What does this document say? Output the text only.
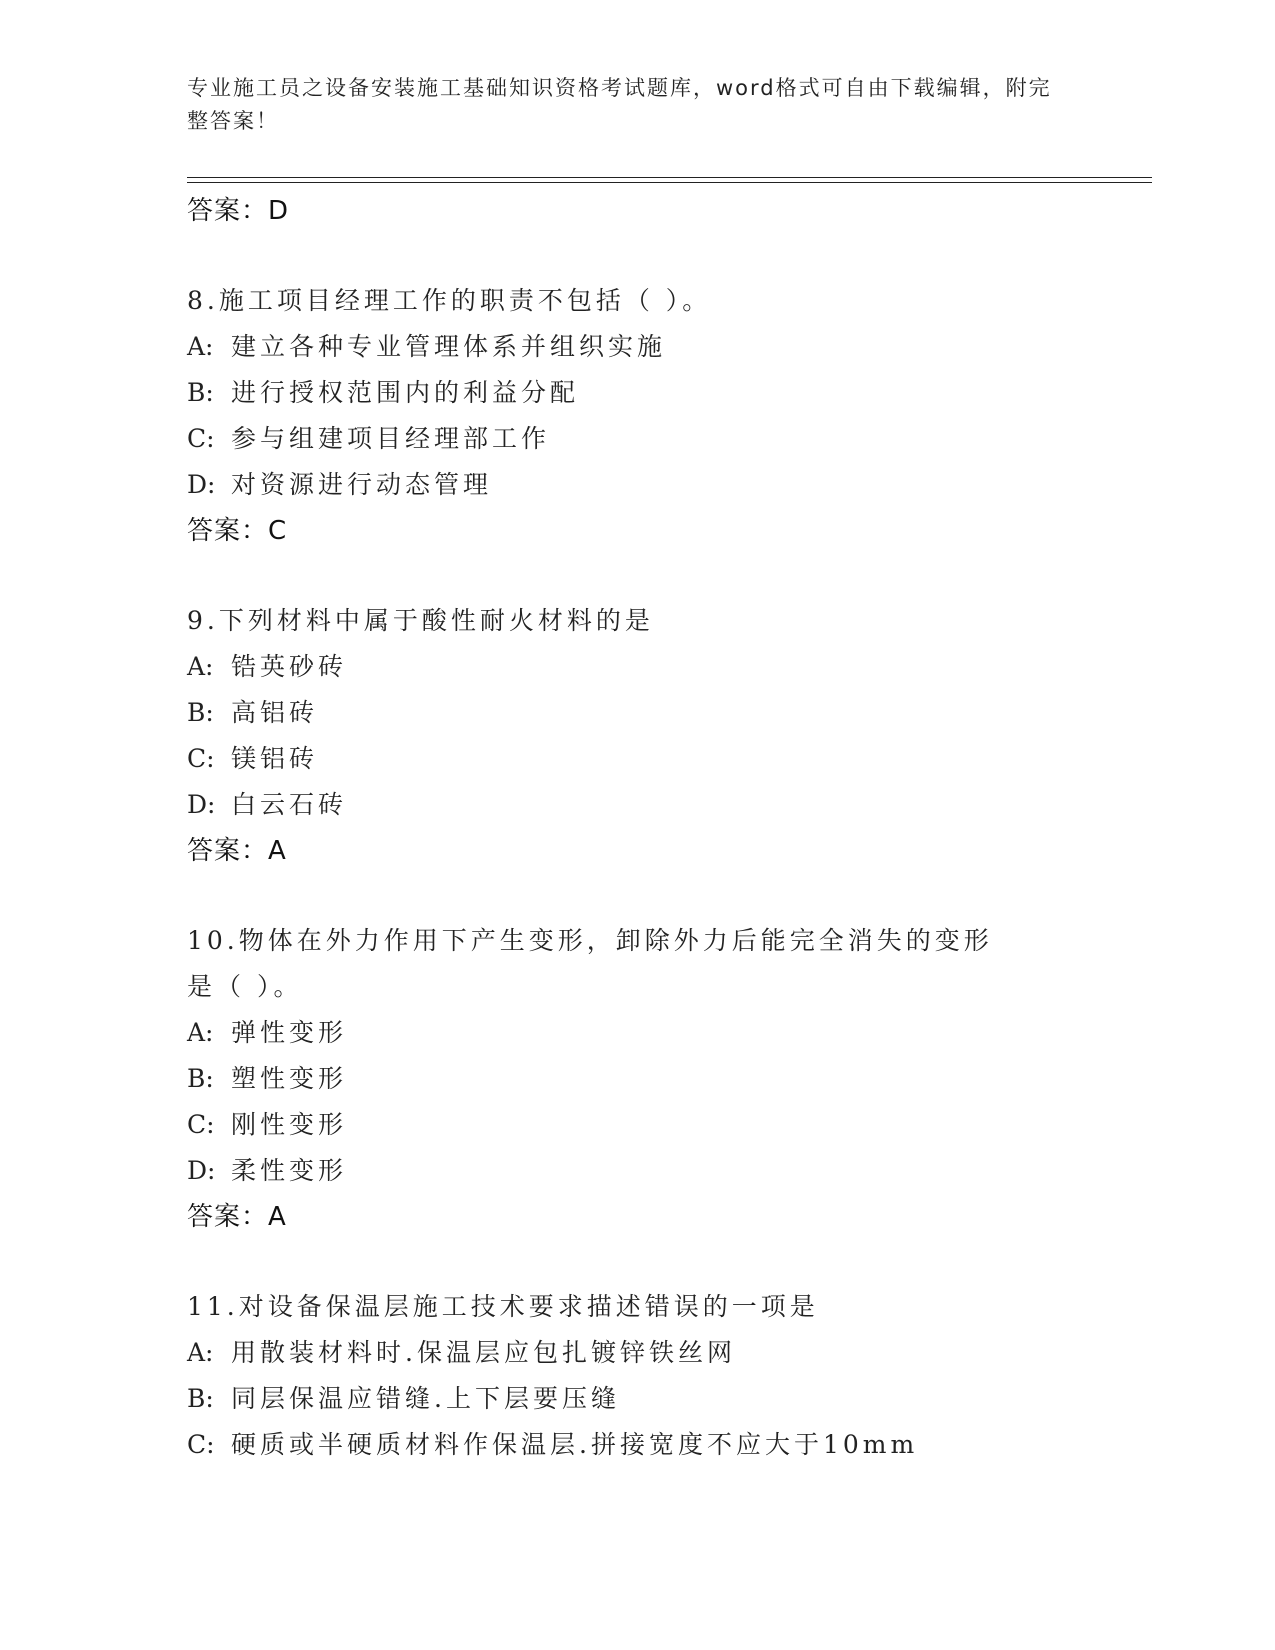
专业施工员之设备安装施工基础知识资格考试题库，word格式可自由下载编辑，附完整答案！
答案：D
8.施工项目经理工作的职责不包括（ ）。
A: 建立各种专业管理体系并组织实施
B: 进行授权范围内的利益分配
C: 参与组建项目经理部工作
D: 对资源进行动态管理
答案：C
9.下列材料中属于酸性耐火材料的是
A: 锆英砂砖
B: 高铝砖
C: 镁铝砖
D: 白云石砖
答案：A
10.物体在外力作用下产生变形，卸除外力后能完全消失的变形是（ ）。
A: 弹性变形
B: 塑性变形
C: 刚性变形
D: 柔性变形
答案：A
11.对设备保温层施工技术要求描述错误的一项是
A: 用散装材料时.保温层应包扎镀锌铁丝网
B: 同层保温应错缝.上下层要压缝
C: 硬质或半硬质材料作保温层.拼接宽度不应大于10mm
